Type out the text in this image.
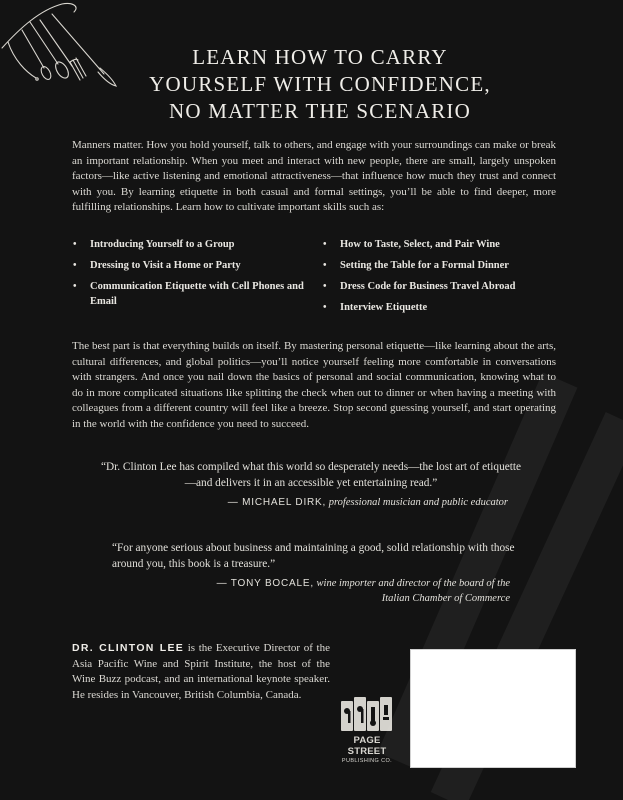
LEARN HOW TO CARRY
YOURSELF WITH CONFIDENCE,
NO MATTER THE SCENARIO
Manners matter. How you hold yourself, talk to others, and engage with your surroundings can make or break an important relationship. When you meet and interact with new people, there are small, largely unspoken factors—like active listening and emotional attractiveness—that influence how much they trust and connect with you. By learning etiquette in both casual and formal settings, you’ll be able to find deeper, more fulfilling relationships. Learn how to cultivate important skills such as:
• Introducing Yourself to a Group
• Dressing to Visit a Home or Party
• Communication Etiquette with Cell Phones and Email
• How to Taste, Select, and Pair Wine
• Setting the Table for a Formal Dinner
• Dress Code for Business Travel Abroad
• Interview Etiquette
The best part is that everything builds on itself. By mastering personal etiquette—like learning about the arts, cultural differences, and global politics—you’ll notice yourself feeling more comfortable in conversations with strangers. And once you nail down the basics of personal and social communication, knowing what to do in more complicated situations like splitting the check when out to dinner or when having a meeting with colleagues from a different country will feel like a breeze. Stop second guessing yourself, and start operating in the world with the confidence you need to succeed.
“Dr. Clinton Lee has compiled what this world so desperately needs—the lost art of etiquette—and delivers it in an accessible yet entertaining read.”
— MICHAEL DIRK, professional musician and public educator
“For anyone serious about business and maintaining a good, solid relationship with those around you, this book is a treasure.”
— TONY BOCALE, wine importer and director of the board of the
Italian Chamber of Commerce
DR. CLINTON LEE is the Executive Director of the Asia Pacific Wine and Spirit Institute, the host of the Wine Buzz podcast, and an international keynote speaker. He resides in Vancouver, British Columbia, Canada.
PAGE STREET
PUBLISHING CO.
